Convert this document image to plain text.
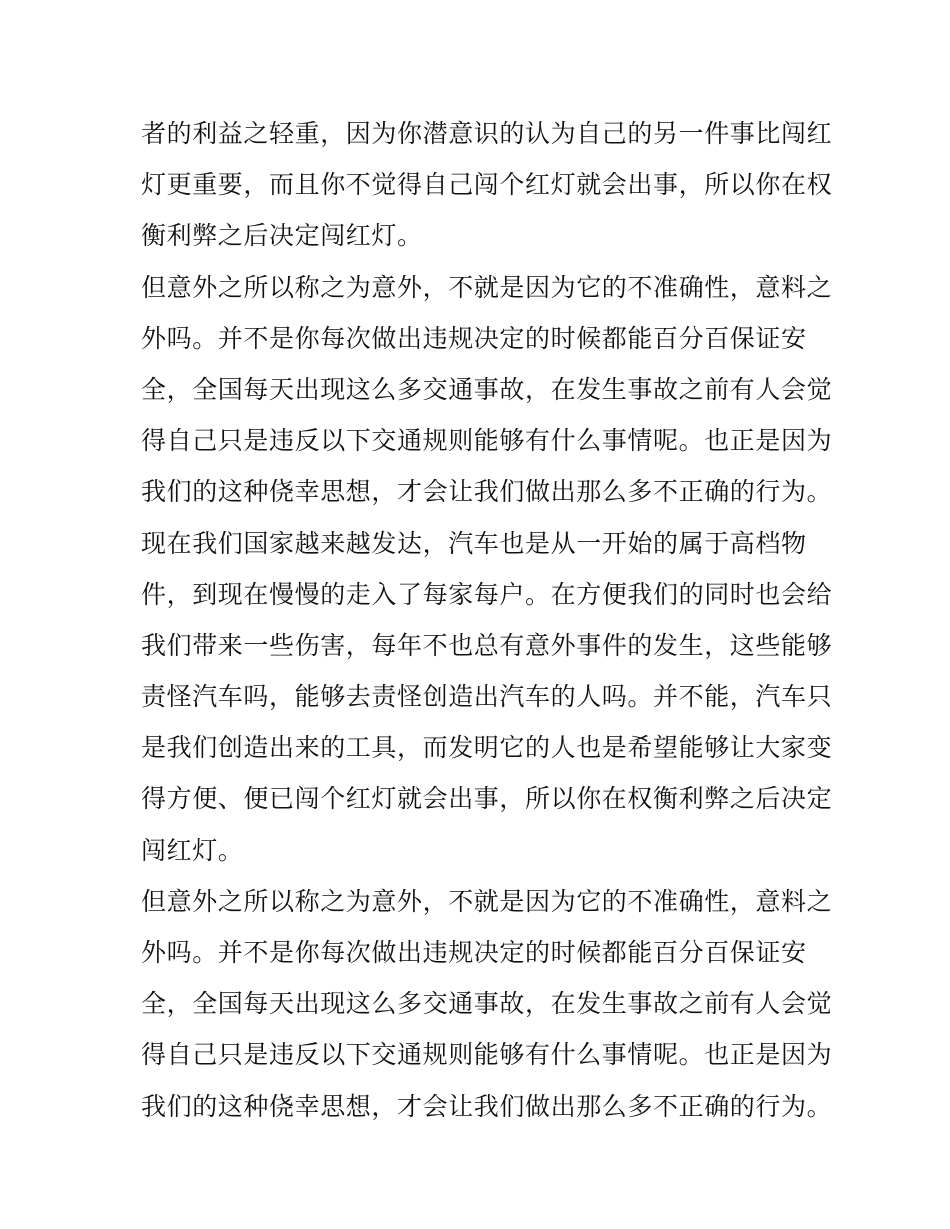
者的利益之轻重，因为你潜意识的认为自己的另一件事比闯红
灯更重要，而且你不觉得自己闯个红灯就会出事，所以你在权
衡利弊之后决定闯红灯。
但意外之所以称之为意外，不就是因为它的不准确性，意料之
外吗。并不是你每次做出违规决定的时候都能百分百保证安
全，全国每天出现这么多交通事故，在发生事故之前有人会觉
得自己只是违反以下交通规则能够有什么事情呢。也正是因为
我们的这种侥幸思想，才会让我们做出那么多不正确的行为。
现在我们国家越来越发达，汽车也是从一开始的属于高档物
件，到现在慢慢的走入了每家每户。在方便我们的同时也会给
我们带来一些伤害，每年不也总有意外事件的发生，这些能够
责怪汽车吗，能够去责怪创造出汽车的人吗。并不能，汽车只
是我们创造出来的工具，而发明它的人也是希望能够让大家变
得方便、便已闯个红灯就会出事，所以你在权衡利弊之后决定
闯红灯。
但意外之所以称之为意外，不就是因为它的不准确性，意料之
外吗。并不是你每次做出违规决定的时候都能百分百保证安
全，全国每天出现这么多交通事故，在发生事故之前有人会觉
得自己只是违反以下交通规则能够有什么事情呢。也正是因为
我们的这种侥幸思想，才会让我们做出那么多不正确的行为。
